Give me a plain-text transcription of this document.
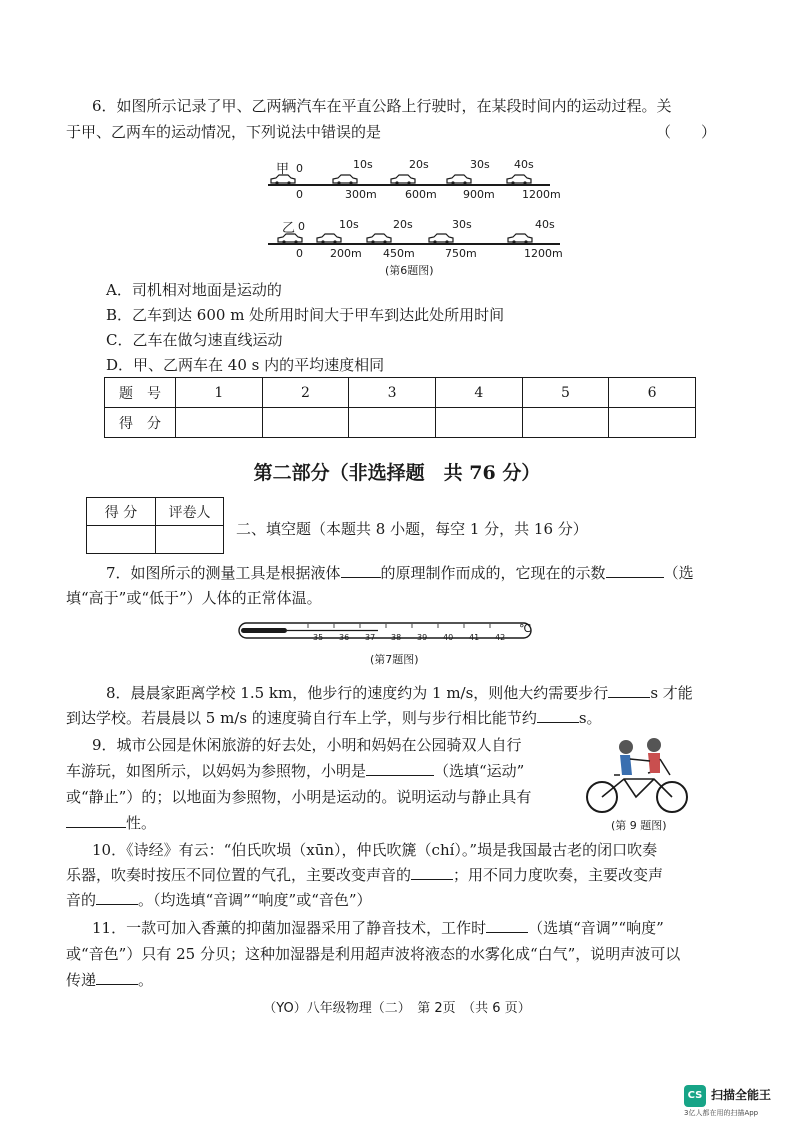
6．如图所示记录了甲、乙两辆汽车在平直公路上行驶时，在某段时间内的运动过程。关
于甲、乙两车的运动情况，下列说法中错误的是	（　　）
甲 0	10s	20s	30s 40s
0	300m	600m 900m 1200m
乙 0	10s	20s	30s	40s
0 200m 450m	750m	1200m
(第6题图)
A．司机相对地面是运动的
B．乙车到达 600 m 处所用时间大于甲车到达此处所用时间
C．乙车在做匀速直线运动
D．甲、乙两车在 40 s 内的平均速度相同
题　号	1	2	3	4	5	6
得　分						
第二部分（非选择题　共 76 分）
得 分	评卷人

二、填空题（本题共 8 小题，每空 1 分，共 16 分）
7．如图所示的测量工具是根据液体	的原理制作而成的，它现在的示数	（选
填“高于”或“低于”）人体的正常体温。
35 36 37 38 39 40 41 42
℃
(第7题图)
8．晨晨家距离学校 1.5 km，他步行的速度约为 1 m/s，则他大约需要步行	s 才能
到达学校。若晨晨以 5 m/s 的速度骑自行车上学，则与步行相比能节约	s。
9．城市公园是休闲旅游的好去处，小明和妈妈在公园骑双人自行
车游玩，如图所示，以妈妈为参照物，小明是	（选填“运动”
或“静止”）的；以地面为参照物，小明是运动的。说明运动与静止具有
性。	(第 9 题图)
10．《诗经》有云：“伯氏吹埙（xūn），仲氏吹篪（chí）。”埙是我国最古老的闭口吹奏
乐器，吹奏时按压不同位置的气孔，主要改变声音的	；用不同力度吹奏，主要改变声
音的	。（均选填“音调”“响度”或“音色”）
11．一款可加入香薰的抑菌加湿器采用了静音技术，工作时	（选填“音调”“响度”
或“音色”）只有 25 分贝；这种加湿器是利用超声波将液态的水雾化成“白气”，说明声波可以
传递	。
（YO）八年级物理（二）　第 2页　（共 6 页）
CS 扫描全能王
3亿人都在用的扫描App
